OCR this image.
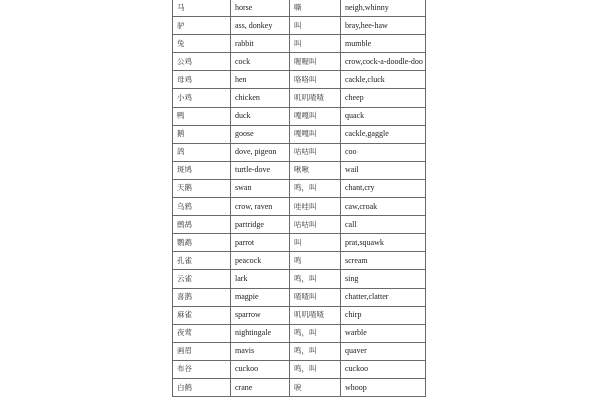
马	horse	嘶	neigh,whinny
驴	ass, donkey	叫	bray,hee-haw
兔	rabbit	叫	mumble
公鸡	cock	喔喔叫	crow,cock-a-doodle-doo
母鸡	hen	咯咯叫	cackle,cluck
小鸡	chicken	叽叽喳喳	cheep
鸭	duck	嘎嘎叫	quack
鹅	goose	嘎嘎叫	cackle,gaggle
鸽	dove, pigeon	咕咕叫	coo
斑鸠	turtle-dove	啾啾	wail
天鹅	swan	鸣，叫	chant,cry
乌鸦	crow, raven	哇哇叫	caw,croak
鹧鸪	partridge	咕咕叫	call
鹦鹉	parrot	叫	prat,squawk
孔雀	peacock	鸣	scream
云雀	lark	鸣，叫	sing
喜鹊	magpie	喳喳叫	chatter,clatter
麻雀	sparrow	叽叽喳喳	chirp
夜莺	nightingale	鸣，叫	warble
画眉	mavis	鸣，叫	quaver
布谷	cuckoo	鸣，叫	cuckoo
白鹤	crane	唳	whoop
